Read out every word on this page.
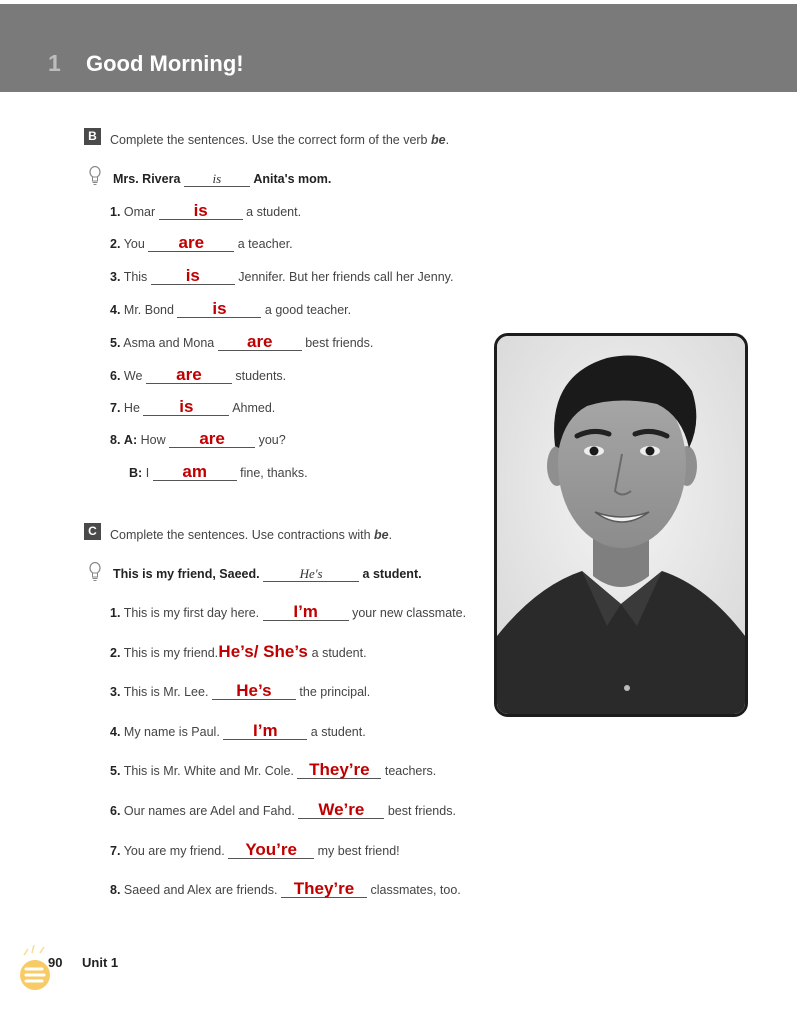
1 Good Morning!
B	Complete the sentences. Use the correct form of the verb be.
Mrs. Rivera is	Anita's mom.
1. Omar is	a student.
2. You are	a teacher.
3. This is	Jennifer. But her friends call her Jenny.
4. Mr. Bond is	a good teacher.
5. Asma and Mona are	best friends.
6. We are	students.
7. He is	Ahmed.
8. A: How are	you?
B: I am	fine, thanks.
C	Complete the sentences. Use contractions with be.
This is my friend, Saeed.	He's	a student.
1. This is my first day here. I’m	your new classmate.
2. This is my friend.He’s/ She’s a student.
3. This is Mr. Lee. He’s the principal.
4. My name is Paul. I’m	a student.
5. This is Mr. White and Mr. Cole. They’re teachers.
6. Our names are Adel and Fahd. We’re best friends.
7. You are my friend. You’re my best friend!
8. Saeed and Alex are friends. They’re classmates, too.
90 Unit 1
